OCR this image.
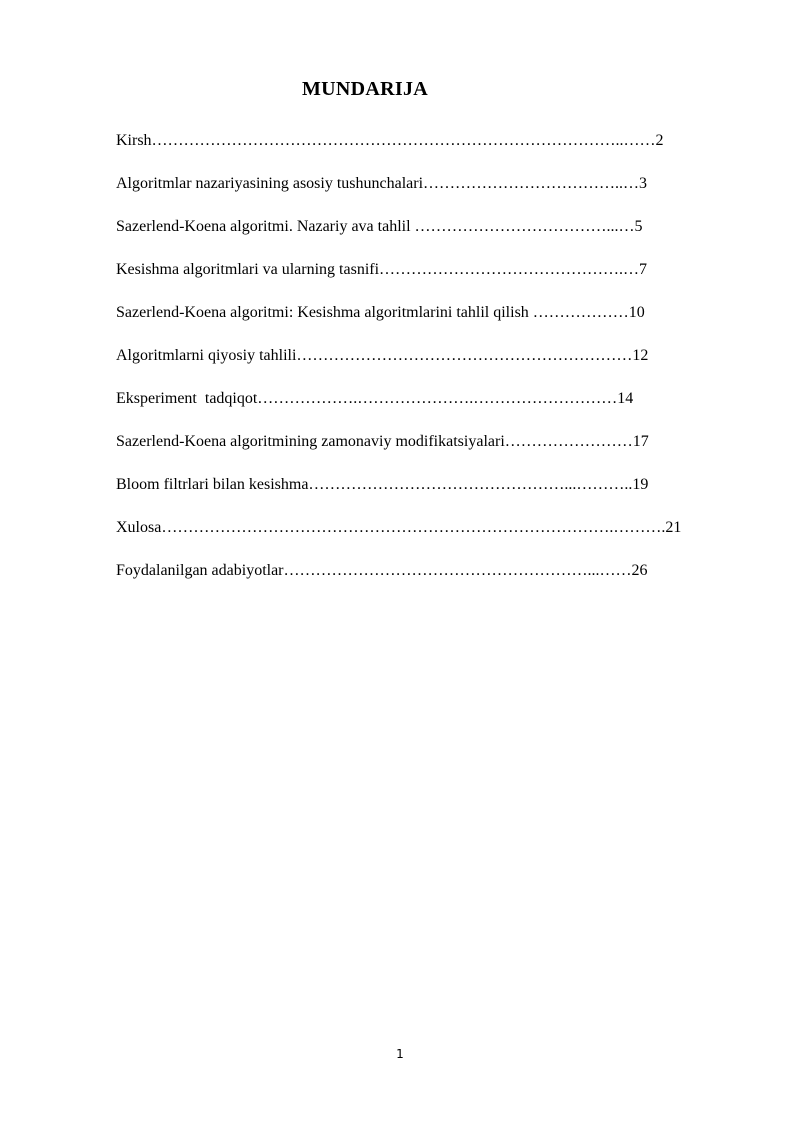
MUNDARIJA
Kirsh……………………………………………………………………………..……2
Algoritmlar nazariyasining asosiy tushunchalari………………………………..…3
Sazerlend-Koena algoritmi. Nazariy ava tahlil ………………………………...…5
Kesishma algoritmlari va ularning tasnifi……………………………………….…7
Sazerlend-Koena algoritmi: Kesishma algoritmlarini tahlil qilish ………………10
Algoritmlarni qiyosiy tahlili………………………………………………………12
Eksperiment  tadqiqot……………….………………….………………………14
Sazerlend-Koena algoritmining zamonaviy modifikatsiyalari……………………17
Bloom filtrlari bilan kesishma…………………………………………...………..19
Xulosa………………………………………………………………………….……….21
Foydalanilgan adabiyotlar…………………………………………………...……26
1
